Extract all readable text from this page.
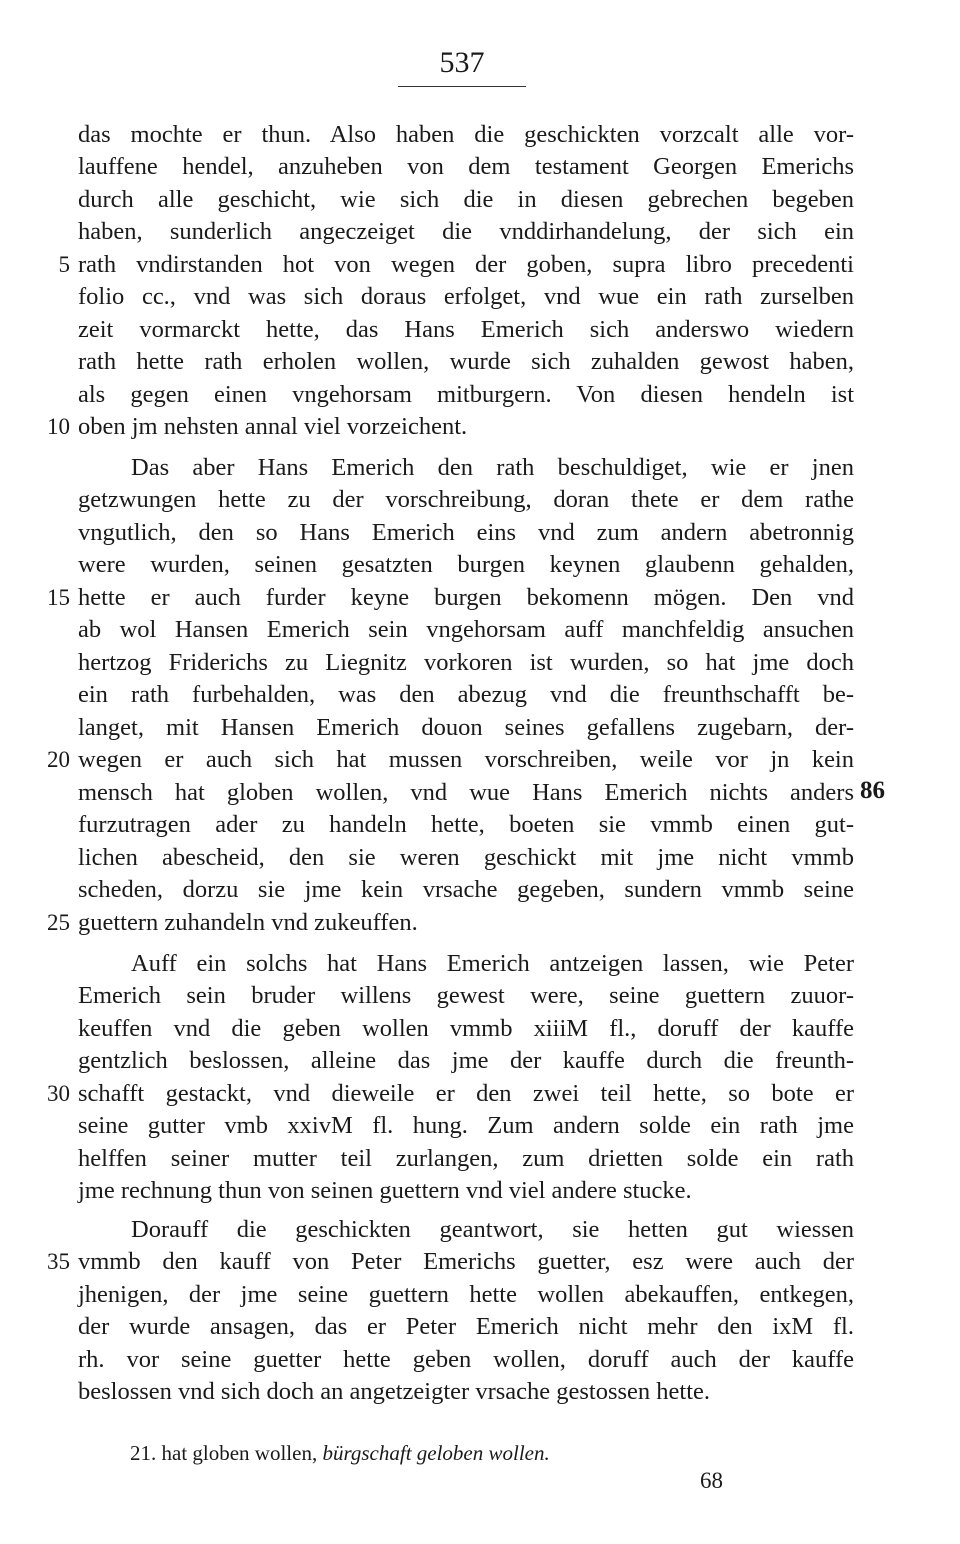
537
das mochte er thun. Also haben die geschickten vorzcalt alle vor-
lauffene hendel, anzuheben von dem testament Georgen Emerichs
durch alle geschicht, wie sich die in diesen gebrechen begeben
haben, sunderlich angeczeiget die vnddirhandelung, der sich ein
rath vndirstanden hot von wegen der goben, supra libro precedenti
folio cc., vnd was sich doraus erfolget, vnd wue ein rath zurselben
zeit vormarckt hette, das Hans Emerich sich anderswo wiedern
rath hette rath erholen wollen, wurde sich zuhalden gewost haben,
als gegen einen vngehorsam mitburgern. Von diesen hendeln ist
oben jm nehsten annal viel vorzeichent.
Das aber Hans Emerich den rath beschuldiget, wie er jnen
getzwungen hette zu der vorschreibung, doran thete er dem rathe
vngutlich, den so Hans Emerich eins vnd zum andern abetronnig
were wurden, seinen gesatzten burgen keynen glaubenn gehalden,
hette er auch furder keyne burgen bekomenn mögen. Den vnd
ab wol Hansen Emerich sein vngehorsam auff manchfeldig ansuchen
hertzog Friderichs zu Liegnitz vorkoren ist wurden, so hat jme doch
ein rath furbehalden, was den abezug vnd die freunthschafft be-
langet, mit Hansen Emerich douon seines gefallens zugebarn, der-
wegen er auch sich hat mussen vorschreiben, weile vor jn kein
mensch hat globen wollen, vnd wue Hans Emerich nichts anders
furzutragen ader zu handeln hette, boeten sie vmmb einen gut-
lichen abescheid, den sie weren geschickt mit jme nicht vmmb
scheden, dorzu sie jme kein vrsache gegeben, sundern vmmb seine
guettern zuhandeln vnd zukeuffen.
Auff ein solchs hat Hans Emerich antzeigen lassen, wie Peter
Emerich sein bruder willens gewest were, seine guettern zuuor-
keuffen vnd die geben wollen vmmb xiiiM fl., doruff der kauffe
gentzlich beslossen, alleine das jme der kauffe durch die freunth-
schafft gestackt, vnd dieweile er den zwei teil hette, so bote er
seine gutter vmb xxivM fl. hung. Zum andern solde ein rath jme
helffen seiner mutter teil zurlangen, zum drietten solde ein rath
jme rechnung thun von seinen guettern vnd viel andere stucke.
Dorauff die geschickten geantwort, sie hetten gut wiessen
vmmb den kauff von Peter Emerichs guetter, esz were auch der
jhenigen, der jme seine guettern hette wollen abekauffen, entkegen,
der wurde ansagen, das er Peter Emerich nicht mehr den ixM fl.
rh. vor seine guetter hette geben wollen, doruff auch der kauffe
beslossen vnd sich doch an angetzeigter vrsache gestossen hette.
5
10
15
20
25
30
35
86
21. hat globen wollen, bürgschaft geloben wollen.
68
